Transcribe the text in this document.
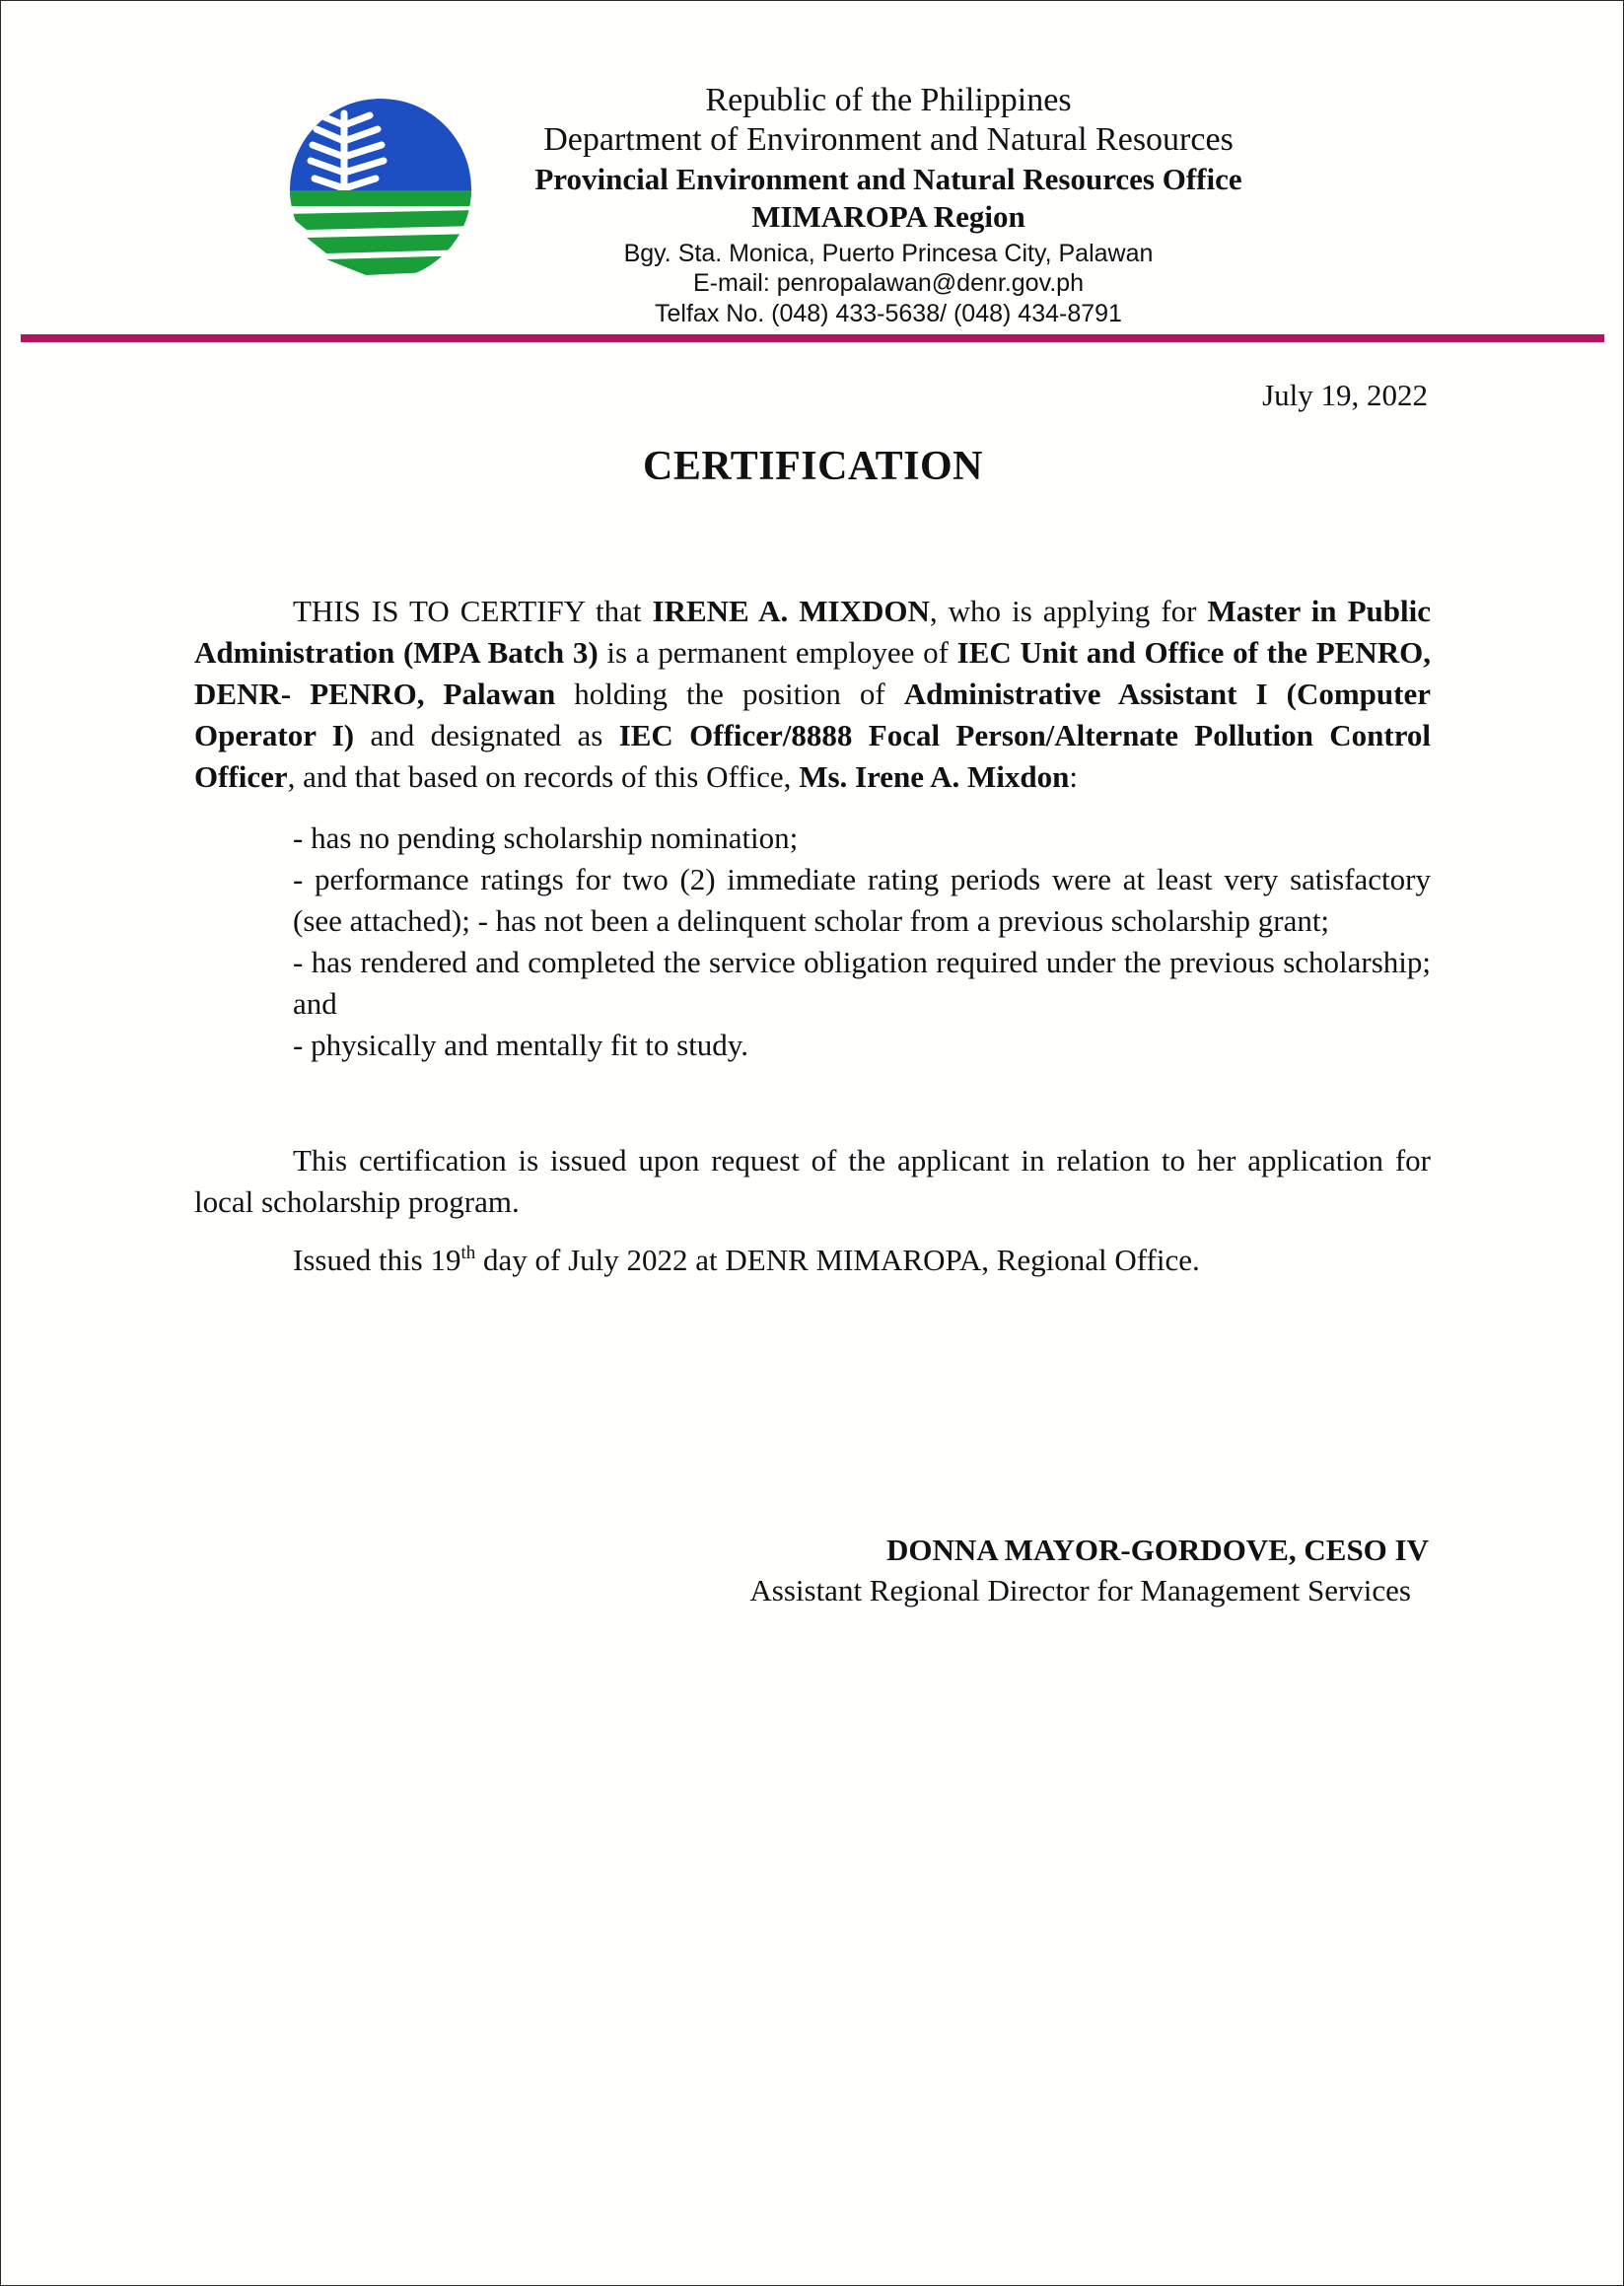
Republic of the Philippines
Department of Environment and Natural Resources
Provincial Environment and Natural Resources Office
MIMAROPA Region
Bgy. Sta. Monica, Puerto Princesa City, Palawan
E-mail: penropalawan@denr.gov.ph
Telfax No. (048) 433-5638/ (048) 434-8791
July 19, 2022
CERTIFICATION
THIS IS TO CERTIFY that IRENE A. MIXDON, who is applying for Master in Public Administration (MPA Batch 3) is a permanent employee of IEC Unit and Office of the PENRO, DENR- PENRO, Palawan holding the position of Administrative Assistant I (Computer Operator I) and designated as IEC Officer/8888 Focal Person/Alternate Pollution Control Officer, and that based on records of this Office, Ms. Irene A. Mixdon:

- has no pending scholarship nomination;

- performance ratings for two (2) immediate rating periods were at least very satisfactory (see attached); - has not been a delinquent scholar from a previous scholarship grant;

- has rendered and completed the service obligation required under the previous scholarship; and

- physically and mentally fit to study.

This certification is issued upon request of the applicant in relation to her application for local scholarship program.
Issued this 19th day of July 2022 at DENR MIMAROPA, Regional Office.
DONNA MAYOR-GORDOVE, CESO IV
Assistant Regional Director for Management Services
